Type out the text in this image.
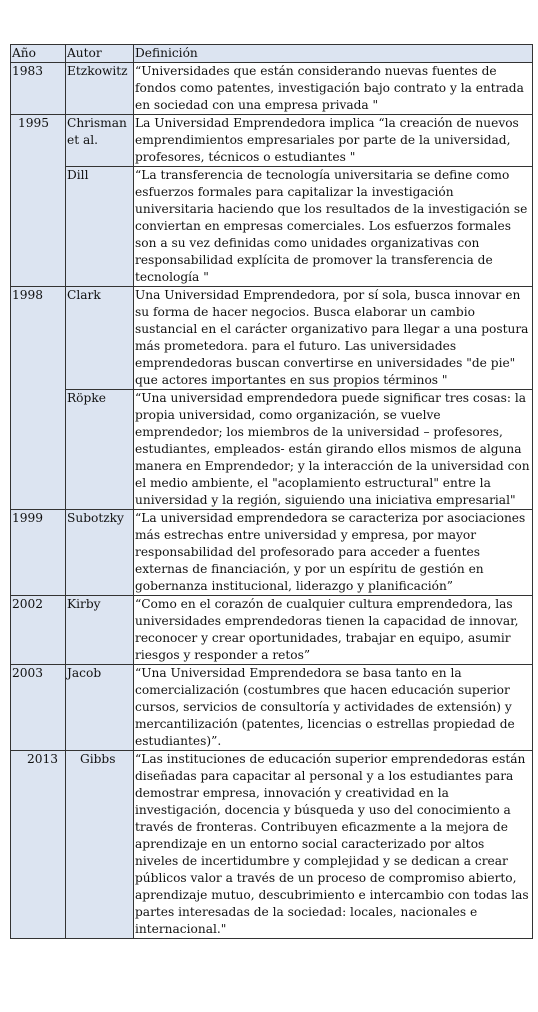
Año	Autor	Definición
1983	Etzkowitz	“Universidades que están considerando nuevas fuentes de fondos como patentes, investigación bajo contrato y la entrada en sociedad con una empresa privada "
1995	Chrisman et al.	La Universidad Emprendedora implica “la creación de nuevos emprendimientos empresariales por parte de la universidad, profesores, técnicos o estudiantes "
	Dill	“La transferencia de tecnología universitaria se define como esfuerzos formales para capitalizar la investigación universitaria haciendo que los resultados de la investigación se conviertan en empresas comerciales. Los esfuerzos formales son a su vez definidas como unidades organizativas con responsabilidad explícita de promover la transferencia de tecnología "
1998	Clark	Una Universidad Emprendedora, por sí sola, busca innovar en su forma de hacer negocios. Busca elaborar un cambio sustancial en el carácter organizativo para llegar a una postura más prometedora. para el futuro. Las universidades emprendedoras buscan convertirse en universidades "de pie" que actores importantes en sus propios términos "
	Röpke	“Una universidad emprendedora puede significar tres cosas: la propia universidad, como organización, se vuelve emprendedor; los miembros de la universidad – profesores, estudiantes, empleados- están girando ellos mismos de alguna manera en Emprendedor; y la interacción de la universidad con el medio ambiente, el "acoplamiento estructural" entre la universidad y la región, siguiendo una iniciativa empresarial"
1999	Subotzky	“La universidad emprendedora se caracteriza por asociaciones más estrechas entre universidad y empresa, por mayor responsabilidad del profesorado para acceder a fuentes externas de financiación, y por un espíritu de gestión en gobernanza institucional, liderazgo y planificación”
2002	Kirby	“Como en el corazón de cualquier cultura emprendedora, las universidades emprendedoras tienen la capacidad de innovar, reconocer y crear oportunidades, trabajar en equipo, asumir riesgos y responder a retos”
2003	Jacob	“Una Universidad Emprendedora se basa tanto en la comercialización (costumbres que hacen educación superior cursos, servicios de consultoría y actividades de extensión) y mercantilización (patentes, licencias o estrellas propiedad de estudiantes)”.
2013	Gibbs	“Las instituciones de educación superior emprendedoras están diseñadas para capacitar al personal y a los estudiantes para demostrar empresa, innovación y creatividad en la investigación, docencia y búsqueda y uso del conocimiento a través de fronteras. Contribuyen eficazmente a la mejora de aprendizaje en un entorno social caracterizado por altos niveles de incertidumbre y complejidad y se dedican a crear públicos valor a través de un proceso de compromiso abierto, aprendizaje mutuo, descubrimiento e intercambio con todas las partes interesadas de la sociedad: locales, nacionales e internacional."
